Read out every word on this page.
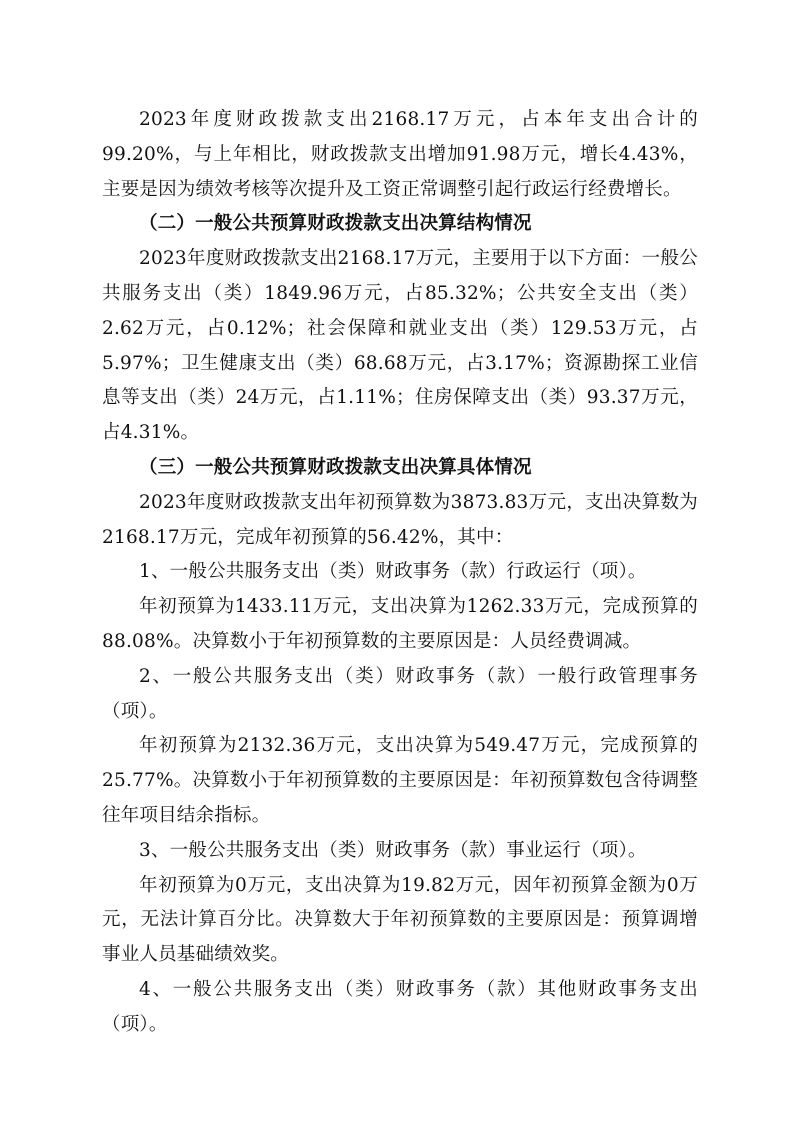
2023年度财政拨款支出2168.17万元，占本年支出合计的99.20%，与上年相比，财政拨款支出增加91.98万元，增长4.43%，主要是因为绩效考核等次提升及工资正常调整引起行政运行经费增长。

（二）一般公共预算财政拨款支出决算结构情况

2023年度财政拨款支出2168.17万元，主要用于以下方面：一般公共服务支出（类）1849.96万元，占85.32%；公共安全支出（类）2.62万元，占0.12%；社会保障和就业支出（类）129.53万元，占5.97%；卫生健康支出（类）68.68万元，占3.17%；资源勘探工业信息等支出（类）24万元，占1.11%；住房保障支出（类）93.37万元，占4.31%。

（三）一般公共预算财政拨款支出决算具体情况

2023年度财政拨款支出年初预算数为3873.83万元，支出决算数为2168.17万元，完成年初预算的56.42%，其中：

1、一般公共服务支出（类）财政事务（款）行政运行（项）。

年初预算为1433.11万元，支出决算为1262.33万元，完成预算的88.08%。决算数小于年初预算数的主要原因是：人员经费调减。

2、一般公共服务支出（类）财政事务（款）一般行政管理事务（项）。

年初预算为2132.36万元，支出决算为549.47万元，完成预算的25.77%。决算数小于年初预算数的主要原因是：年初预算数包含待调整往年项目结余指标。

3、一般公共服务支出（类）财政事务（款）事业运行（项）。

年初预算为0万元，支出决算为19.82万元，因年初预算金额为0万元，无法计算百分比。决算数大于年初预算数的主要原因是：预算调增事业人员基础绩效奖。

4、一般公共服务支出（类）财政事务（款）其他财政事务支出（项）。
